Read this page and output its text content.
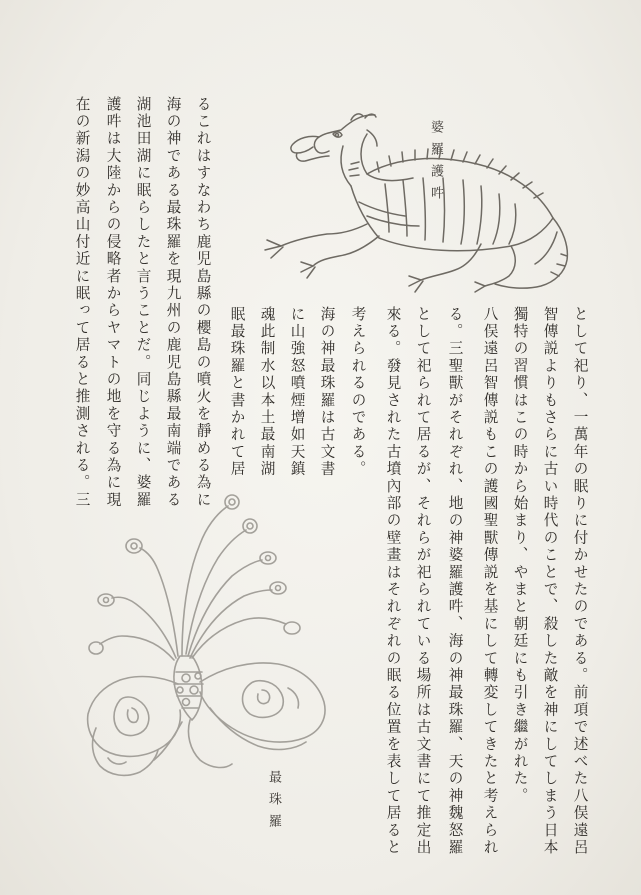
婆羅護吽
として祀り、一萬年の眠りに付かせたのである。前項で述べた八俣遠呂
智傳説よりもさらに古い時代のことで、殺した敵を神にしてしまう日本
獨特の習慣はこの時から始まり、やまと朝廷にも引き繼がれた。
八俣遠呂智傳説もこの護國聖獸傳説を基にして轉変してきたと考えられ
る。三聖獸がそれぞれ、地の神婆羅護吽、海の神最珠羅、天の神魏怒羅
として祀られて居るが、それらが祀られている場所は古文書にて推定出
來る。發見された古墳內部の壁畫はそれぞれの眠る位置を表して居ると
考えられるのである。
海の神最珠羅は古文書
に山強怒噴煙增如天鎮
魂此制水以本土最南湖
眠最珠羅と書かれて居
るこれはすなわち鹿児島縣の櫻島の噴火を靜める為に
海の神である最珠羅を現九州の鹿児島縣最南端である
湖池田湖に眠らしたと言うことだ。同じように、婆羅
護吽は大陸からの侵略者からヤマトの地を守る為に現
在の新潟の妙高山付近に眠って居ると推測される。三
最珠羅
